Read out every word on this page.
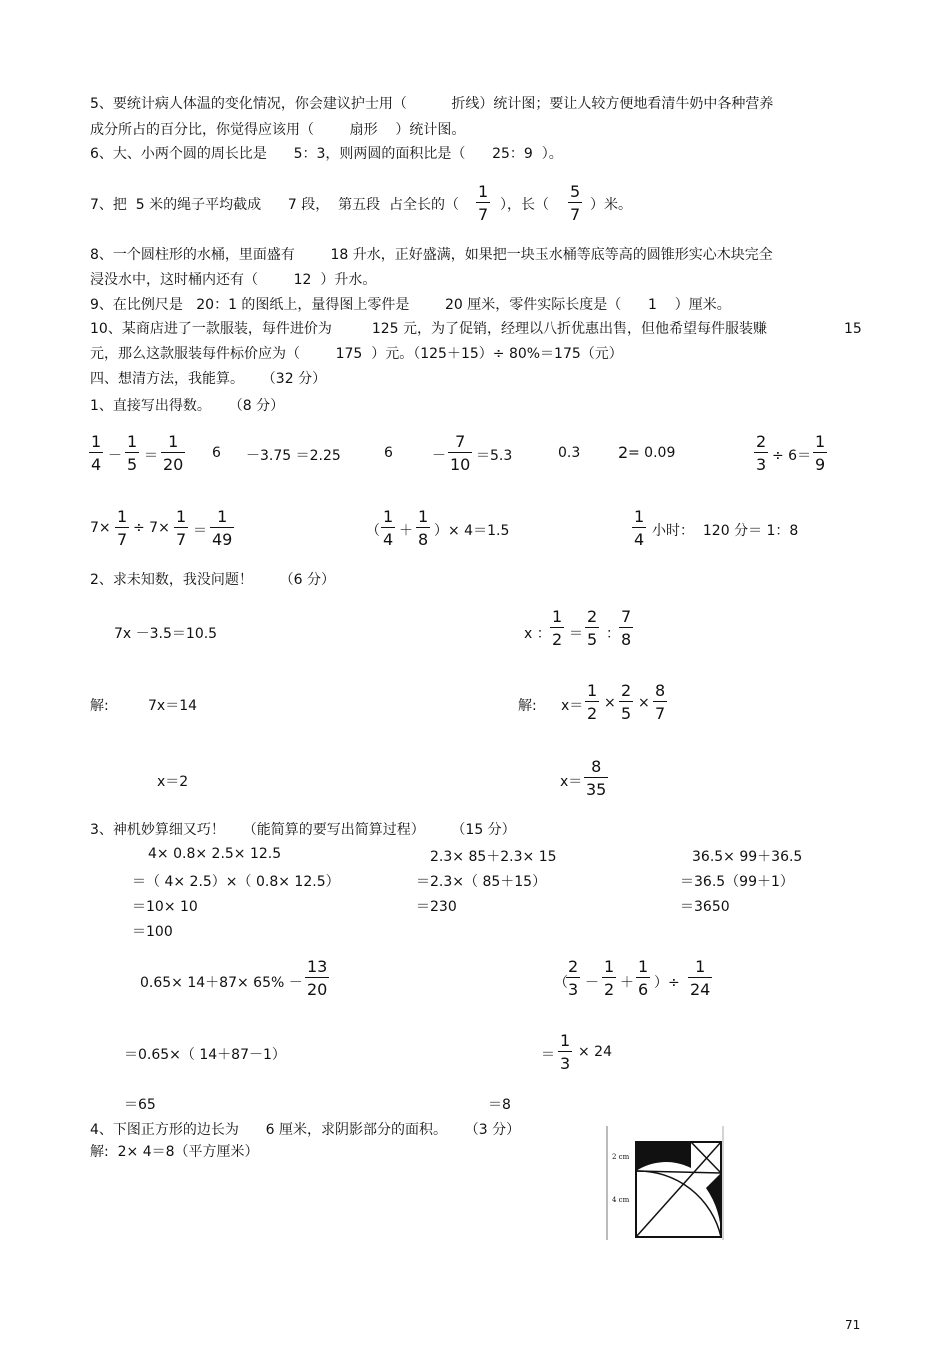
5、要统计病人体温的变化情况，你会建议护士用（          折线）统计图；要让人较方便地看清牛奶中各种营养
成分所占的百分比，你觉得应该用（        扇形    ）统计图。
6、大、小两个圆的周长比是      5：3，则两圆的面积比是（      25：9  ）。
7、把  5 米的绳子平均截成      7 段，  第五段  占全长的（ $\frac{1}{7}$ ），长（ $\frac{5}{7}$ ）米。
8、一个圆柱形的水桶，里面盛有        18 升水，正好盛满，如果把一块玉水桶等底等高的圆锥形实心木块完全
浸没水中，这时桶内还有（        12  ）升水。
9、在比例尺是   20：1 的图纸上，量得图上零件是        20 厘米，零件实际长度是（      1    ）厘米。
10、某商店进了一款服装，每件进价为         125 元，为了促销，经理以八折优惠出售，但他希望每件服装赚	15
元，那么这款服装每件标价应为（        175  ）元。（125＋15）÷ 80%＝175（元）
四、想清方法，我能算。    （32 分）
1、直接写出得数。    （8 分）
$\frac{1}{4} - \frac{1}{5} = \frac{1}{20} 6 -3.75 =2.25$	6	－ $\frac{7}{10} =5.3$	0.3 2 = 0.09	$\frac{2}{3} \div 6= \frac{1}{9}$
$7\times \frac{1}{7} \div 7\times \frac{1}{7} = \frac{1}{49}$	（ $\frac{1}{4} + \frac{1}{8}$ ）× 4＝1.5	$\frac{1}{4}$ 小时：  120 分＝ 1：8
2、求未知数，我没问题！      （6 分）
7x －3.5＝10.5
解:	7x＝14
x＝2
x ： $\frac{1}{2} = \frac{2}{5}$ ： $\frac{7}{8}$
解: $x= \frac{1}{2} \times \frac{2}{5} \times \frac{8}{7}$
$x= \frac{8}{35}$
3、神机妙算细又巧！    （能简算的要写出简算过程）      （15 分）
4× 0.8× 2.5× 12.5
＝（ 4× 2.5）×（ 0.8× 12.5）
＝10× 10
＝100
2.3× 85＋2.3× 15
＝2.3×（ 85＋15）
＝230
36.5× 99＋36.5
＝36.5（99＋1）
＝3650
$0.65\times 14+87\times 65\% - \frac{13}{20}$
＝0.65×（ 14＋87－1）
＝65
（
$\frac{2}{3} - \frac{1}{2} + \frac{1}{6}$ ）÷ $\frac{1}{24}$
＝ $\frac{1}{3} \times 24$
＝8
4、下图正方形的边长为      6 厘米，求阴影部分的面积。    （3 分）
解:  2× 4＝8（平方厘米）	2 cm
4 cm
71
